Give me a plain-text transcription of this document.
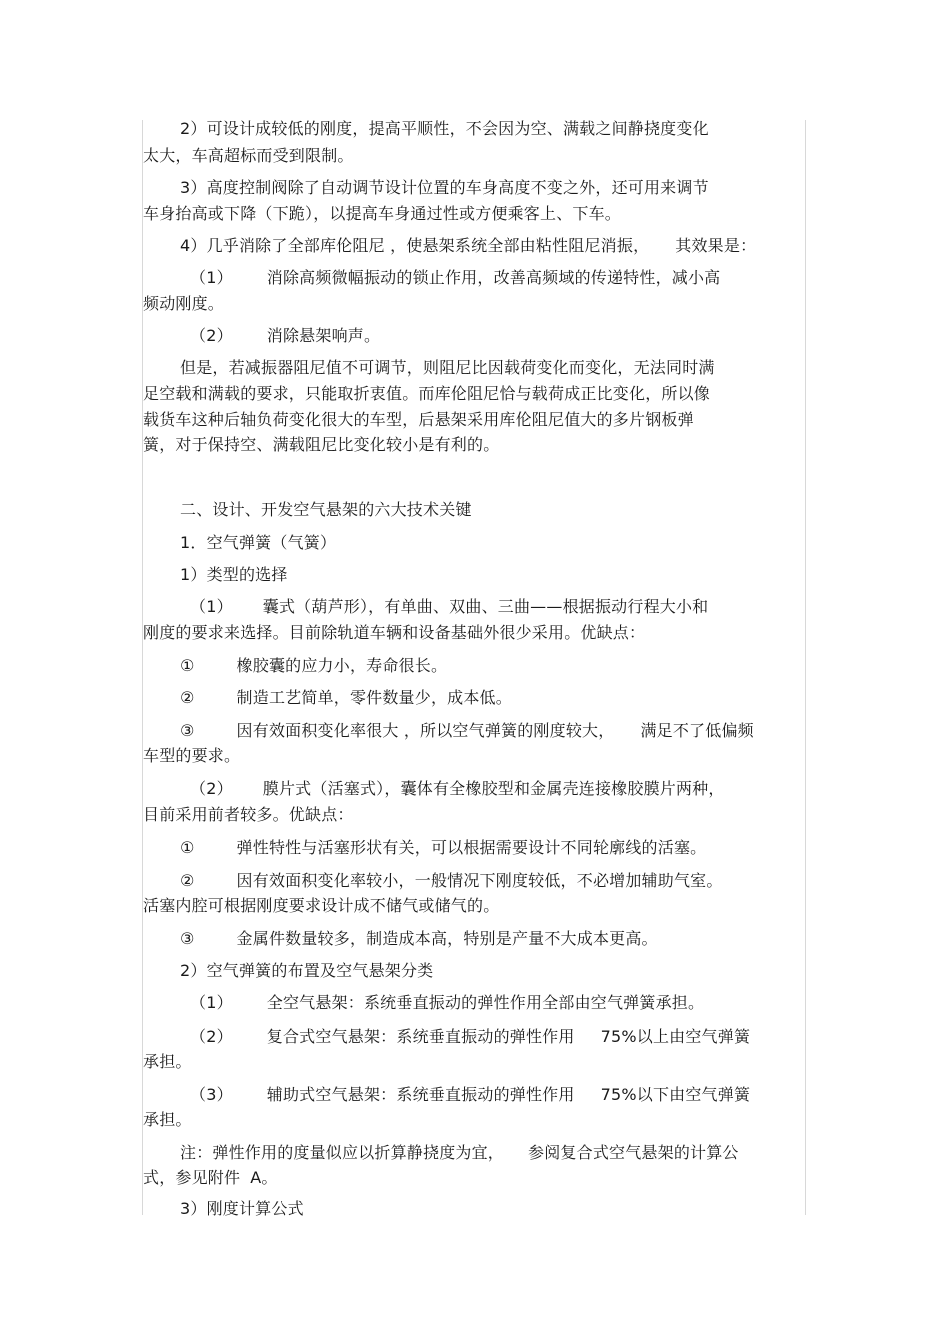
2）可设计成较低的刚度，提高平顺性，不会因为空、满载之间静挠度变化
太大，车高超标而受到限制。
3）高度控制阀除了自动调节设计位置的车身高度不变之外，还可用来调节
车身抬高或下降（下跪），以提高车身通过性或方便乘客上、下车。
4）几乎消除了全部库伦阻尼 ，使悬架系统全部由粘性阻尼消振， 其效果是：
（1） 消除高频微幅振动的锁止作用，改善高频域的传递特性，减小高
频动刚度。
（2） 消除悬架响声。
但是，若减振器阻尼值不可调节，则阻尼比因载荷变化而变化，无法同时满
足空载和满载的要求，只能取折衷值。而库伦阻尼恰与载荷成正比变化，所以像
载货车这种后轴负荷变化很大的车型，后悬架采用库伦阻尼值大的多片钢板弹
簧，对于保持空、满载阻尼比变化较小是有利的。
二、设计、开发空气悬架的六大技术关键
1．空气弹簧（气簧）
1）类型的选择
（1） 囊式（葫芦形），有单曲、双曲、三曲——根据振动行程大小和
刚度的要求来选择。目前除轨道车辆和设备基础外很少采用。优缺点：
①	橡胶囊的应力小，寿命很长。
②	制造工艺简单，零件数量少，成本低。
③	因有效面积变化率很大 ，所以空气弹簧的刚度较大， 满足不了低偏频
车型的要求。
（2） 膜片式（活塞式），囊体有全橡胶型和金属壳连接橡胶膜片两种，
目前采用前者较多。优缺点：
①	弹性特性与活塞形状有关，可以根据需要设计不同轮廓线的活塞。
②	因有效面积变化率较小，一般情况下刚度较低，不必增加辅助气室。
活塞内腔可根据刚度要求设计成不储气或储气的。
③	金属件数量较多，制造成本高，特别是产量不大成本更高。
2）空气弹簧的布置及空气悬架分类
（1） 全空气悬架：系统垂直振动的弹性作用全部由空气弹簧承担。
（2） 复合式空气悬架：系统垂直振动的弹性作用 75%以上由空气弹簧
承担。
（3） 辅助式空气悬架：系统垂直振动的弹性作用 75%以下由空气弹簧
承担。
注：弹性作用的度量似应以折算静挠度为宜， 参阅复合式空气悬架的计算公
式，参见附件 A。
3）刚度计算公式
